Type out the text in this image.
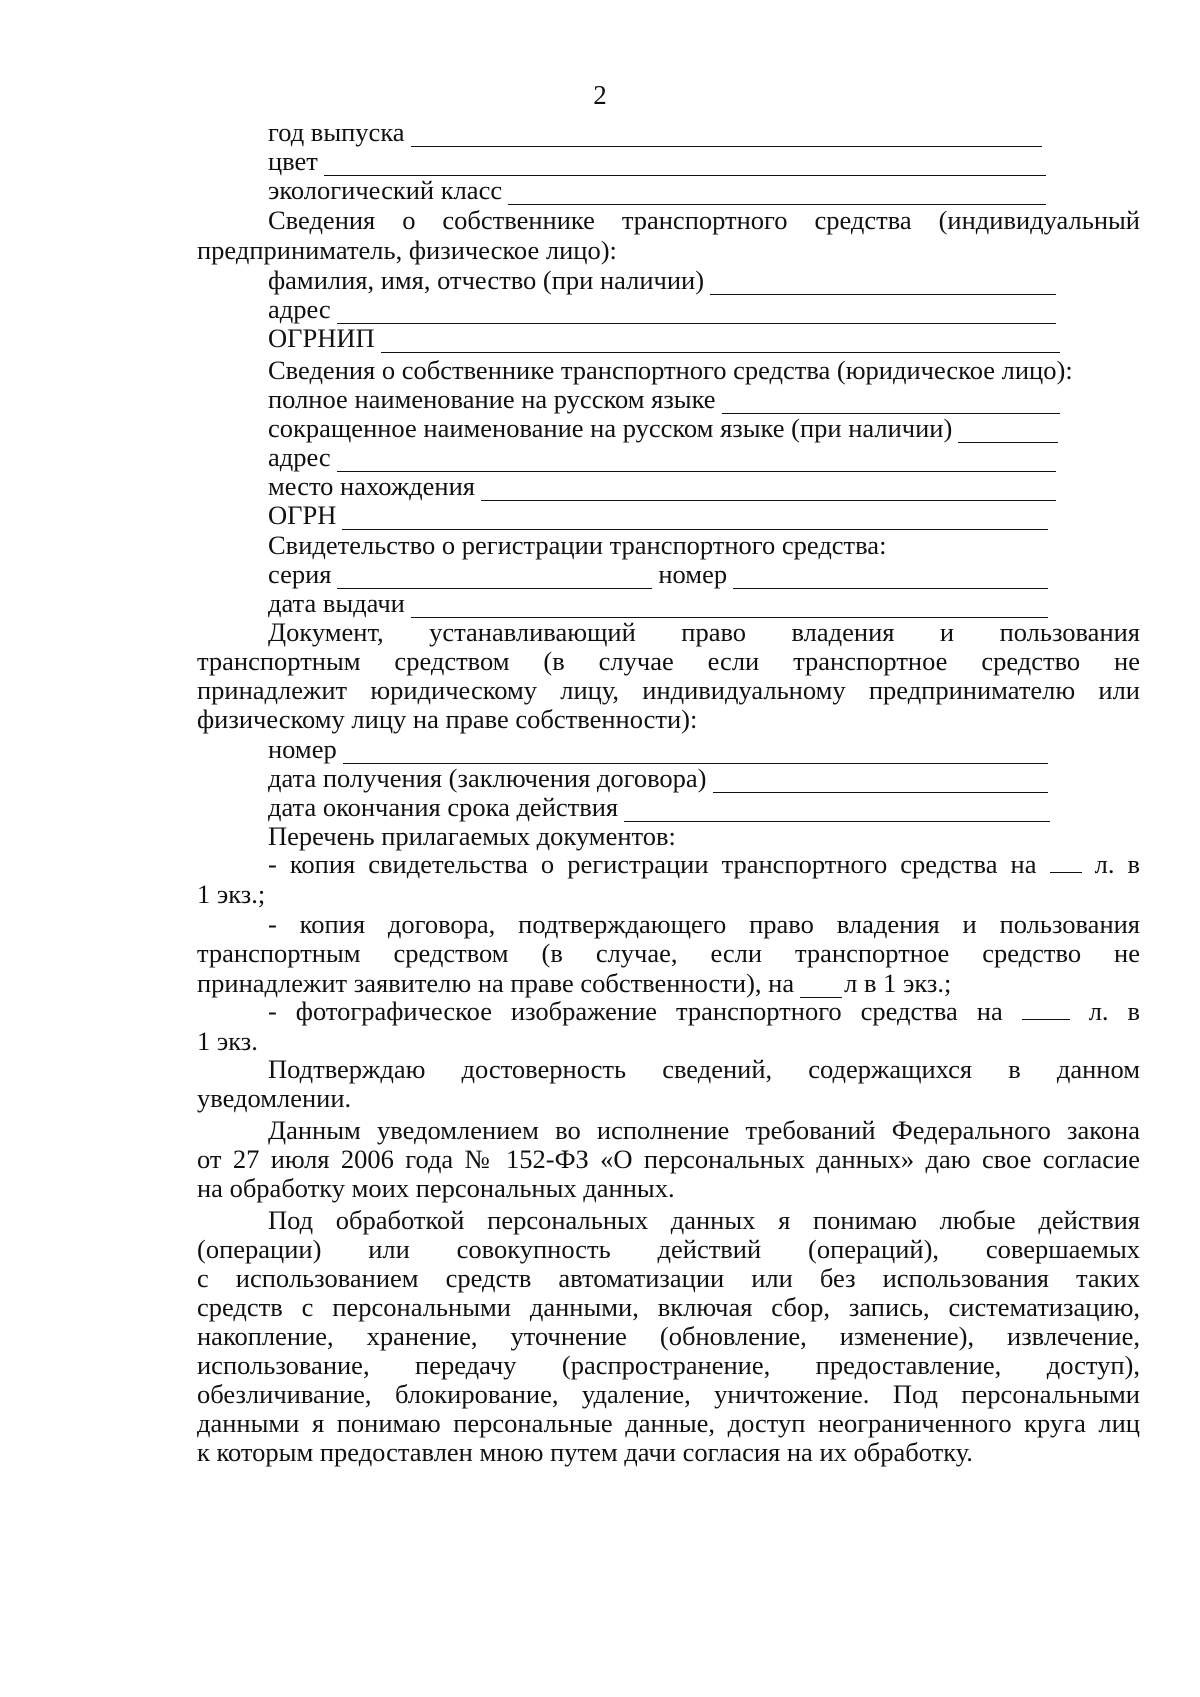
2
год выпуска
цвет
экологический класс
Сведения о собственнике транспортного средства (индивидуальный
предприниматель, физическое лицо):
фамилия, имя, отчество (при наличии)
адрес
ОГРНИП
Сведения о собственнике транспортного средства (юридическое лицо):
полное наименование на русском языке
сокращенное наименование на русском языке (при наличии)
адрес
место нахождения
ОГРН
Свидетельство о регистрации транспортного средства:
серия	номер
дата выдачи
Документ, устанавливающий право владения и пользования
транспортным средством (в случае если транспортное средство не
принадлежит юридическому лицу, индивидуальному предпринимателю или
физическому лицу на праве собственности):
номер
дата получения (заключения договора)
дата окончания срока действия
Перечень прилагаемых документов:
- копия свидетельства о регистрации транспортного средства на л. в
1 экз.;
- копия договора, подтверждающего право владения и пользования
транспортным средством (в случае, если транспортное средство не
принадлежит заявителю на праве собственности), на л в 1 экз.;
- фотографическое изображение транспортного средства на	л. в
1 экз.
Подтверждаю достоверность сведений, содержащихся в данном
уведомлении.
Данным уведомлением во исполнение требований Федерального закона
от 27 июля 2006 года № 152-ФЗ «О персональных данных» даю свое согласие
на обработку моих персональных данных.
Под обработкой персональных данных я понимаю любые действия
(операции) или совокупность действий (операций), совершаемых
с использованием средств автоматизации или без использования таких
средств с персональными данными, включая сбор, запись, систематизацию,
накопление, хранение, уточнение (обновление, изменение), извлечение,
использование, передачу (распространение, предоставление, доступ),
обезличивание, блокирование, удаление, уничтожение. Под персональными
данными я понимаю персональные данные, доступ неограниченного круга лиц
к которым предоставлен мною путем дачи согласия на их обработку.
